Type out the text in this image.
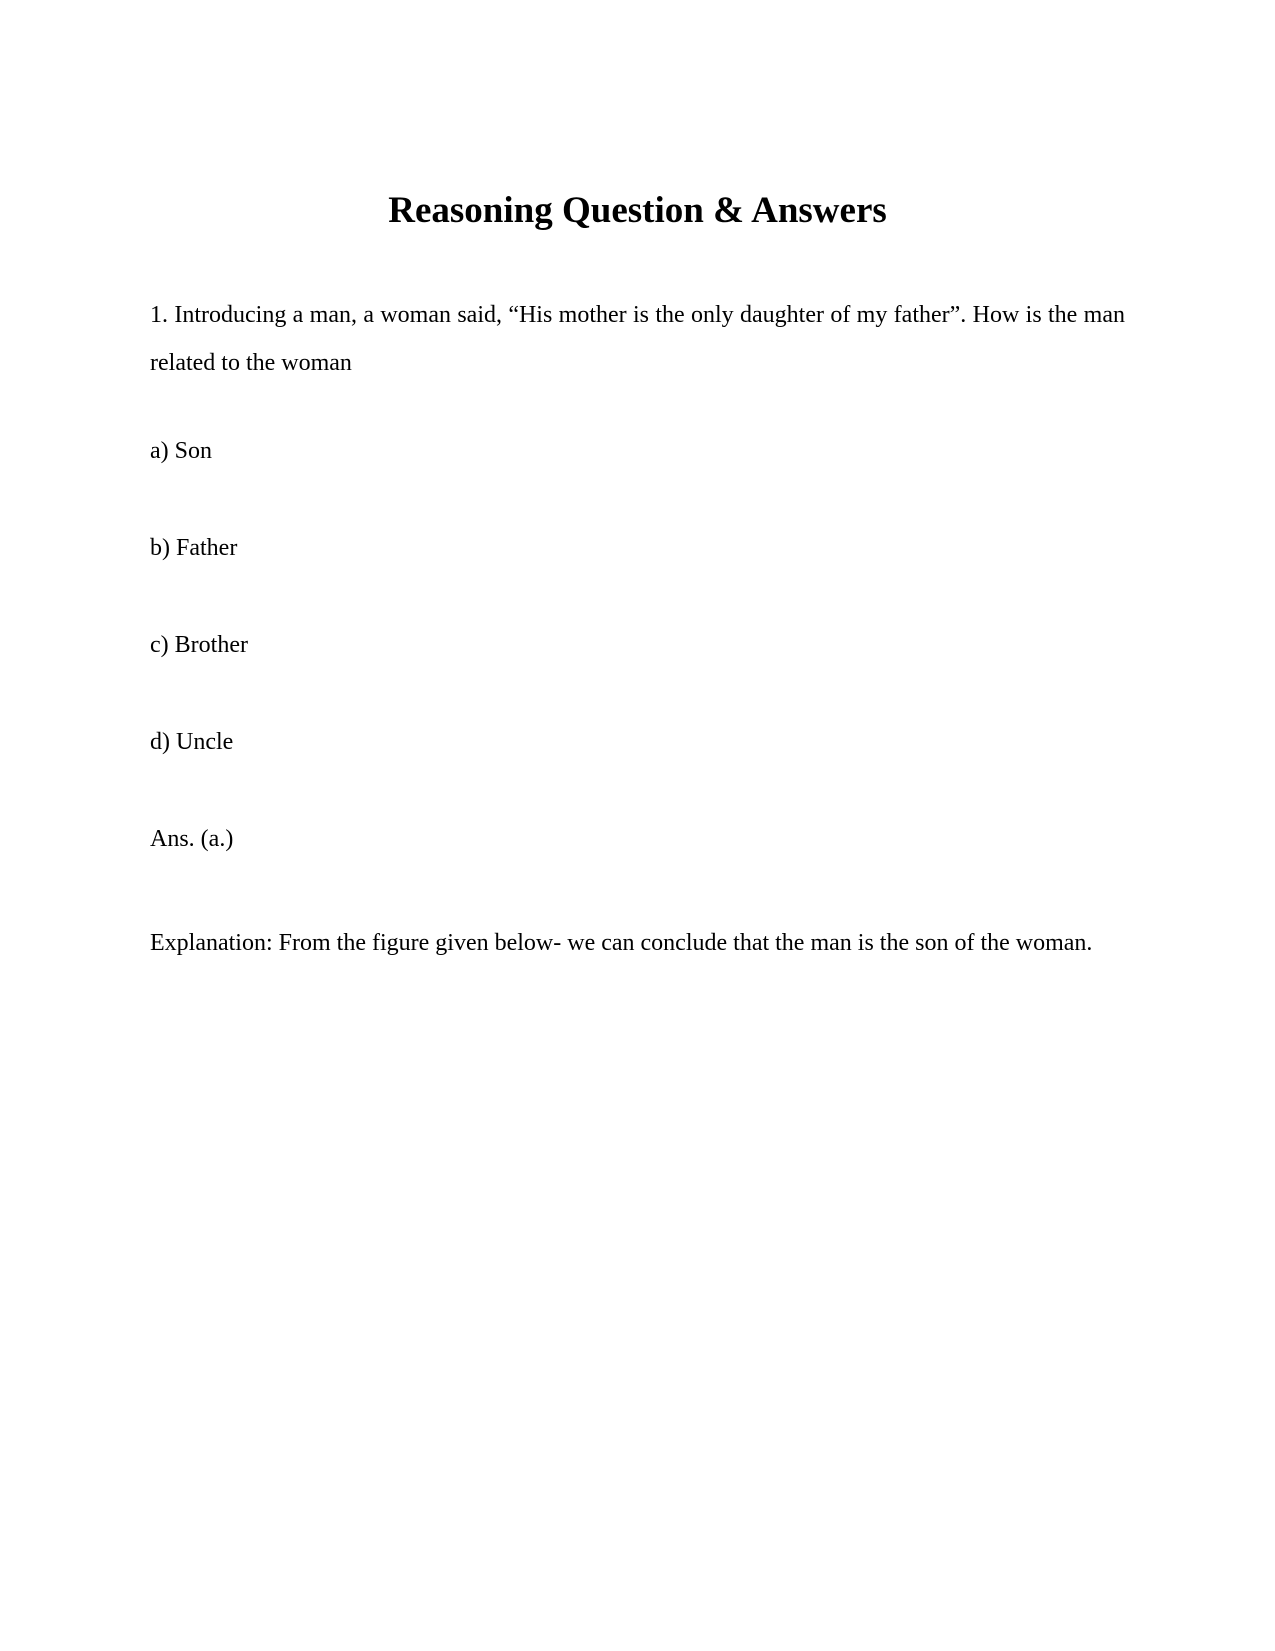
Reasoning Question & Answers

1. Introducing a man, a woman said, “His mother is the only daughter of my father”. How is the man related to the woman

a) Son

b) Father

c) Brother

d) Uncle

Ans. (a.)

Explanation: From the figure given below- we can conclude that the man is the son of the woman.
